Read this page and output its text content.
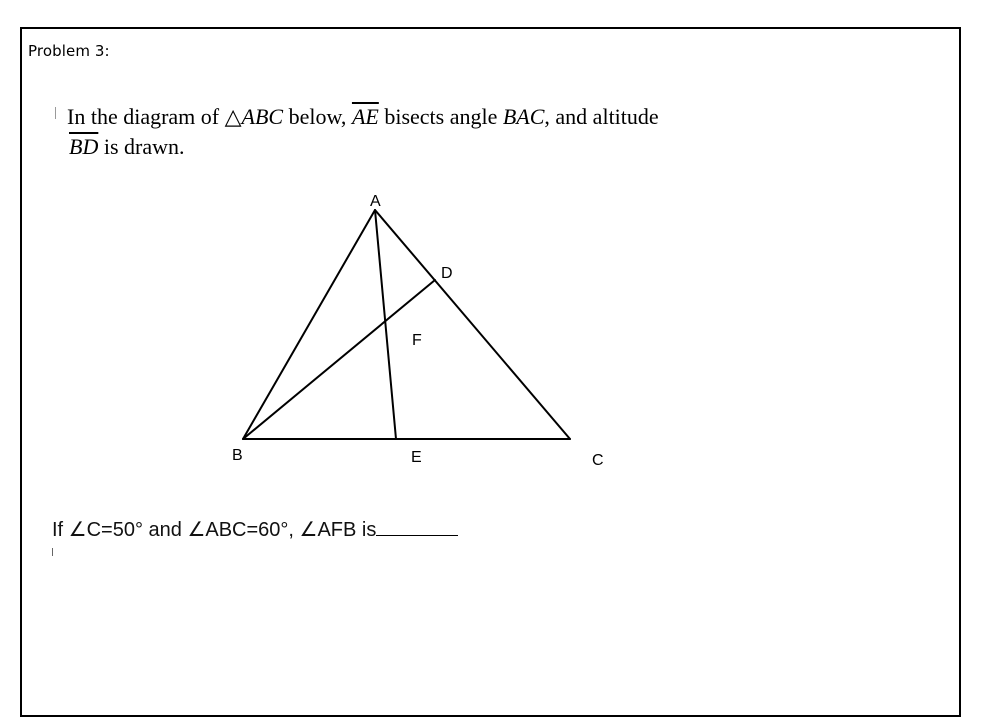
Problem 3:
In the diagram of △ABC below, $\overline{AE}$ bisects angle BAC, and altitude
$\overline{BD}$ is drawn.
A
B	C
D
E
F
If ∠C=50° and ∠ABC=60°, ∠AFB is
